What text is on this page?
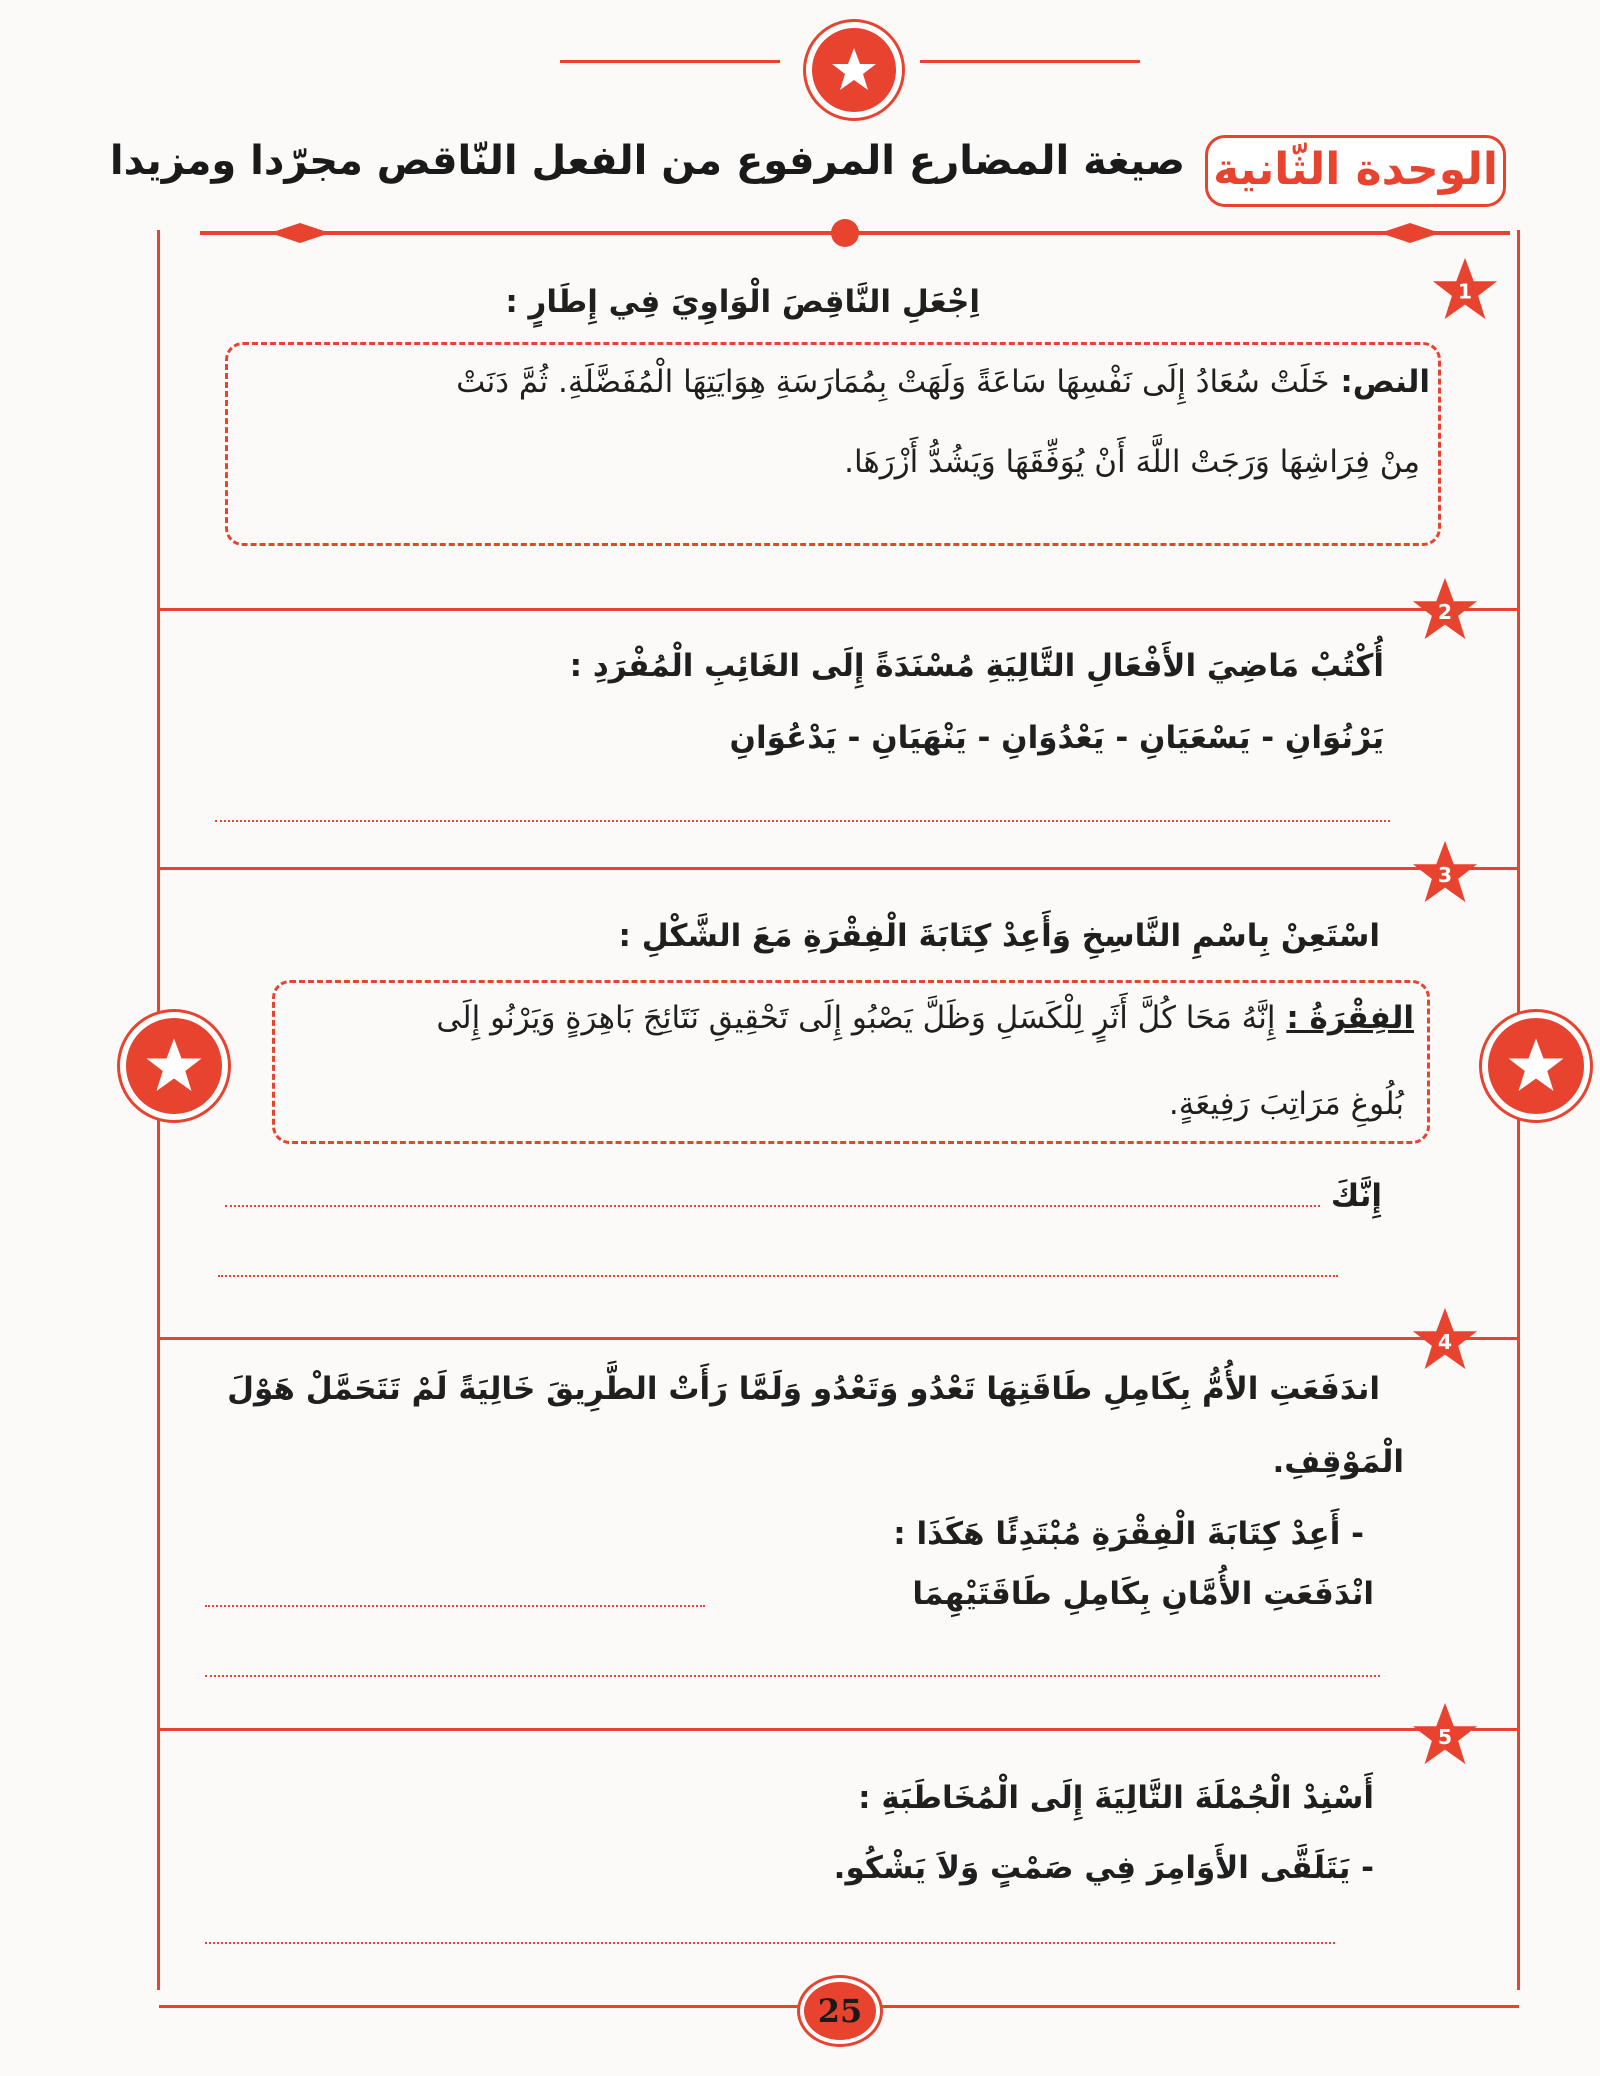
الوحدة الثّانية
صيغة المضارع المرفوع من الفعل النّاقص مجرّدا ومزيدا
1
اِجْعَلِ النَّاقِصَ الْوَاوِيَ فِي إِطَارٍ :
النص: خَلَتْ سُعَادُ إِلَى نَفْسِهَا سَاعَةً وَلَهَتْ بِمُمَارَسَةِ هِوَايَتِهَا الْمُفَضَّلَةِ. ثُمَّ دَنَتْ
مِنْ فِرَاشِهَا وَرَجَتْ اللَّهَ أَنْ يُوَفِّقَهَا وَيَشُدُّ أَزْرَهَا.
2
أُكْتُبْ مَاضِيَ الأَفْعَالِ التَّالِيَةِ مُسْنَدَةً إِلَى الغَائِبِ الْمُفْرَدِ :
يَرْنُوَانِ - يَسْعَيَانِ - يَعْدُوَانِ - يَنْهَيَانِ - يَدْعُوَانِ
3
اسْتَعِنْ بِاسْمِ النَّاسِخِ وَأَعِدْ كِتَابَةَ الْفِقْرَةِ مَعَ الشَّكْلِ :
الفِقْرَةُ : إِنَّهُ مَحَا كُلَّ أَثَرٍ لِلْكَسَلِ وَظَلَّ يَصْبُو إِلَى تَحْقِيقِ نَتَائِجَ بَاهِرَةٍ وَيَرْنُو إِلَى
بُلُوغِ مَرَاتِبَ رَفِيعَةٍ.
إِنَّكَ
4
اندَفَعَتِ الأُمُّ بِكَامِلِ طَاقَتِهَا تَعْدُو وَتَعْدُو وَلَمَّا رَأَتْ الطَّرِيقَ خَالِيَةً لَمْ تَتَحَمَّلْ هَوْلَ
الْمَوْقِفِ.
- أَعِدْ كِتَابَةَ الْفِقْرَةِ مُبْتَدِئًا هَكَذَا :
انْدَفَعَتِ الأُمَّانِ بِكَامِلِ طَاقَتَيْهِمَا
5
أَسْنِدْ الْجُمْلَةَ التَّالِيَةَ إِلَى الْمُخَاطَبَةِ :
- يَتَلَقَّى الأَوَامِرَ فِي صَمْتٍ وَلاَ يَشْكُو.
25
